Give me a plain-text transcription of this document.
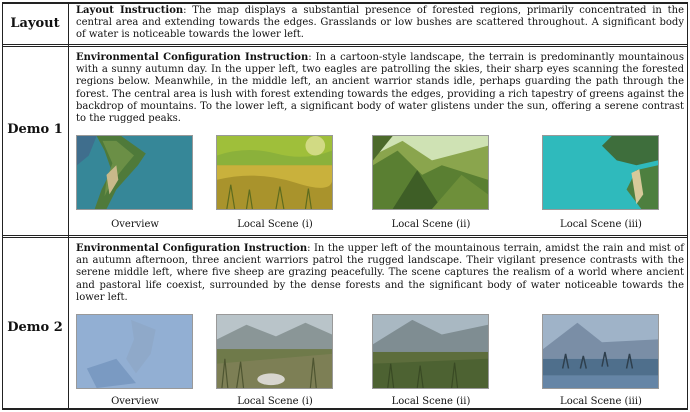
Layout
Layout Instruction: The map displays a substantial presence of forested regions, primarily concentrated in the central area and extending towards the edges. Grasslands or low bushes are scattered throughout. A significant body of water is noticeable towards the lower left.
Demo 1
Environmental Configuration Instruction: In a cartoon-style landscape, the terrain is predominantly mountainous with a sunny autumn day. In the upper left, two eagles are patrolling the skies, their sharp eyes scanning the forested regions below. Meanwhile, in the middle left, an ancient warrior stands idle, perhaps guarding the path through the forest. The central area is lush with forest extending towards the edges, providing a rich tapestry of greens against the backdrop of mountains. To the lower left, a significant body of water glistens under the sun, offering a serene contrast to the rugged peaks.
Overview	Local Scene (i)	Local Scene (ii)	Local Scene (iii)
Demo 2
Environmental Configuration Instruction: In the upper left of the mountainous terrain, amidst the rain and mist of an autumn afternoon, three ancient warriors patrol the rugged landscape. Their vigilant presence contrasts with the serene middle left, where five sheep are grazing peacefully. The scene captures the realism of a world where ancient and pastoral life coexist, surrounded by the dense forests and the significant body of water noticeable towards the lower left.
Overview	Local Scene (i)	Local Scene (ii)	Local Scene (iii)
